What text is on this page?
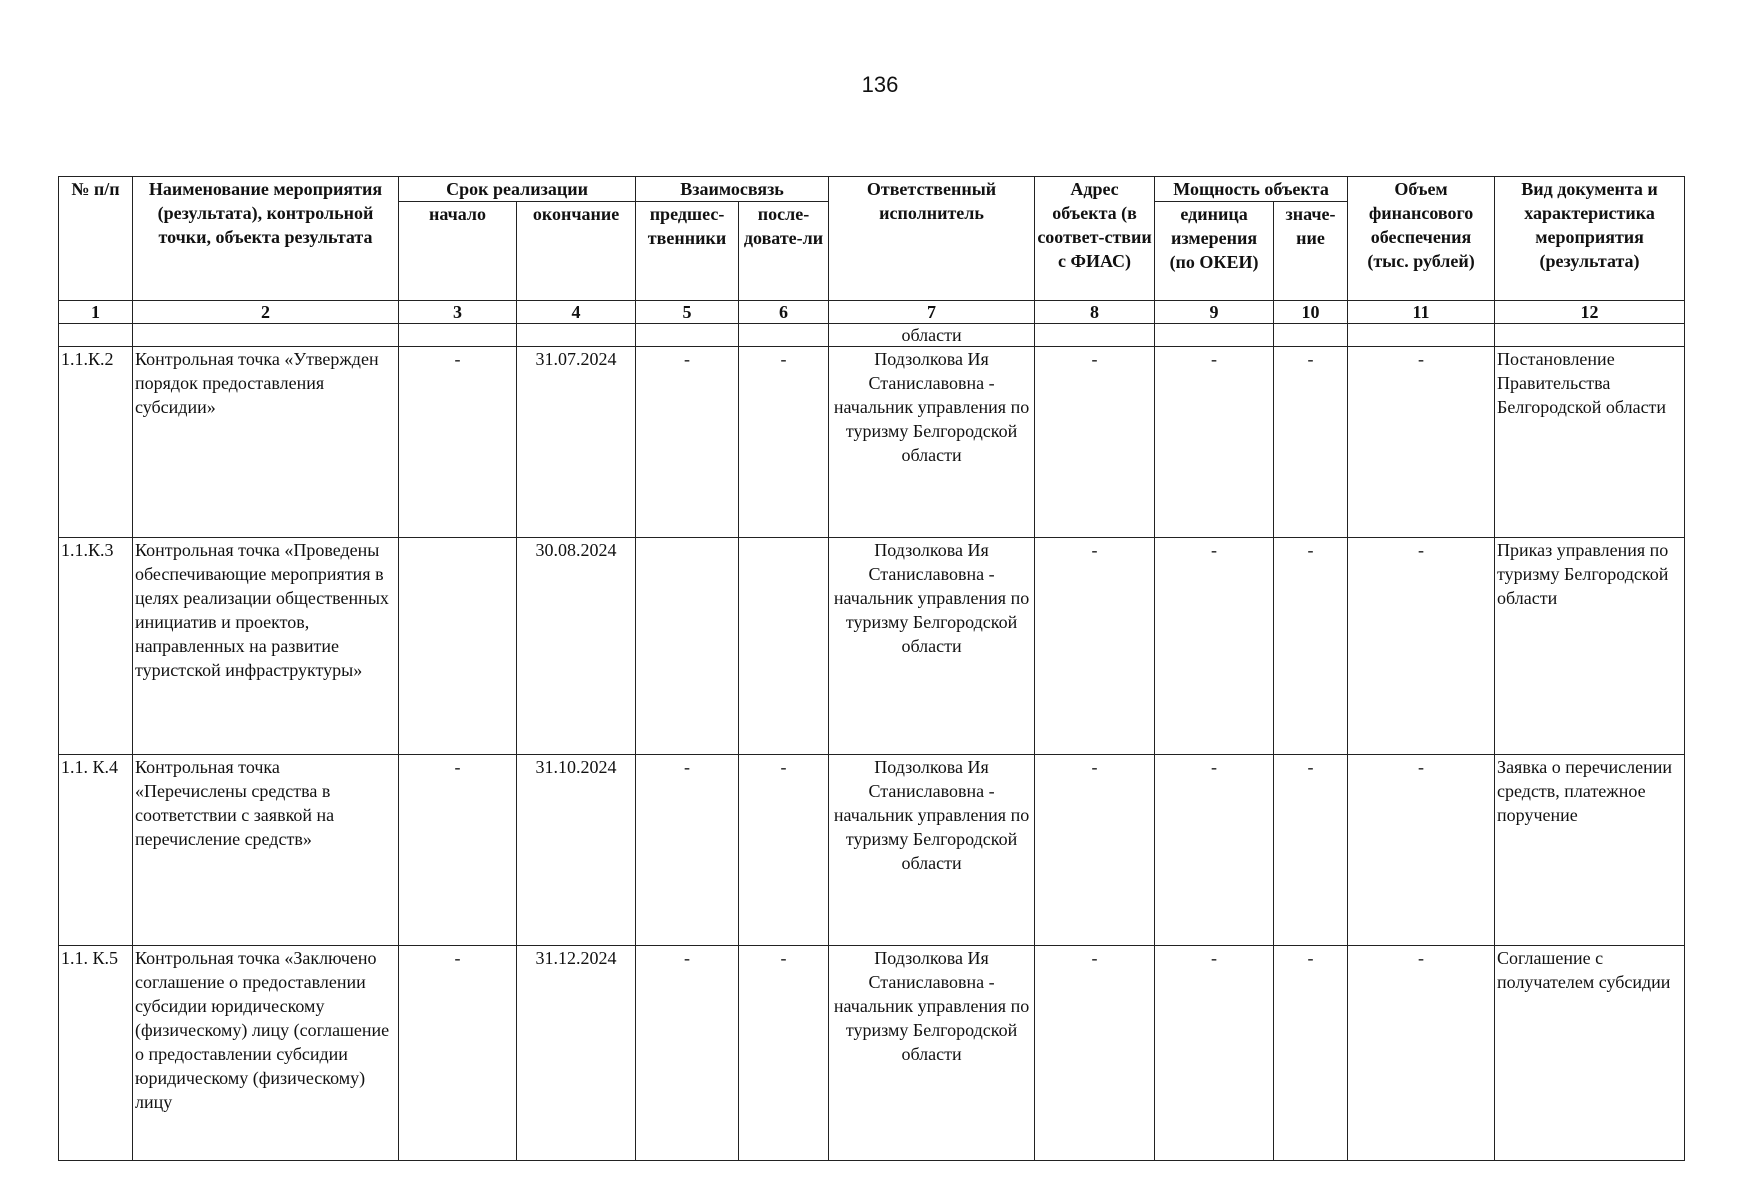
136
№ п/п	Наименование мероприятия (результата), контрольной точки, объекта результата	Срок реализации		Взаимосвязь		Ответственный исполнитель	Адрес объекта (в соответ-ствии с ФИАС)	Мощность объекта		Объем финансового обеспечения (тыс. рублей)	Вид документа и характеристика мероприятия (результата)
		начало	окончание	предшес-твенники	после-довате-ли			единица измерения (по ОКЕИ)	значе-ние		
1	2	3	4	5	6	7	8	9	10	11	12
						области					
1.1.К.2	Контрольная точка «Утвержден порядок предоставления субсидии»	-	31.07.2024	-	-	Подзолкова Ия Станиславовна - начальник управления по туризму Белгородской области	-	-	-	-	Постановление Правительства Белгородской области
1.1.К.3	Контрольная точка «Проведены обеспечивающие мероприятия в целях реализации общественных инициатив и проектов, направленных на развитие туристской инфраструктуры»		30.08.2024			Подзолкова Ия Станиславовна - начальник управления по туризму Белгородской области	-	-	-	-	Приказ управления по туризму Белгородской области
1.1. К.4	Контрольная точка «Перечислены средства в соответствии с заявкой на перечисление средств»	-	31.10.2024	-	-	Подзолкова Ия Станиславовна - начальник управления по туризму Белгородской области	-	-	-	-	Заявка о перечислении средств, платежное поручение
1.1. К.5	Контрольная точка «Заключено соглашение о предоставлении субсидии юридическому (физическому) лицу (соглашение о предоставлении субсидии юридическому (физическому) лицу	-	31.12.2024	-	-	Подзолкова Ия Станиславовна - начальник управления по туризму Белгородской области	-	-	-	-	Соглашение с получателем субсидии
